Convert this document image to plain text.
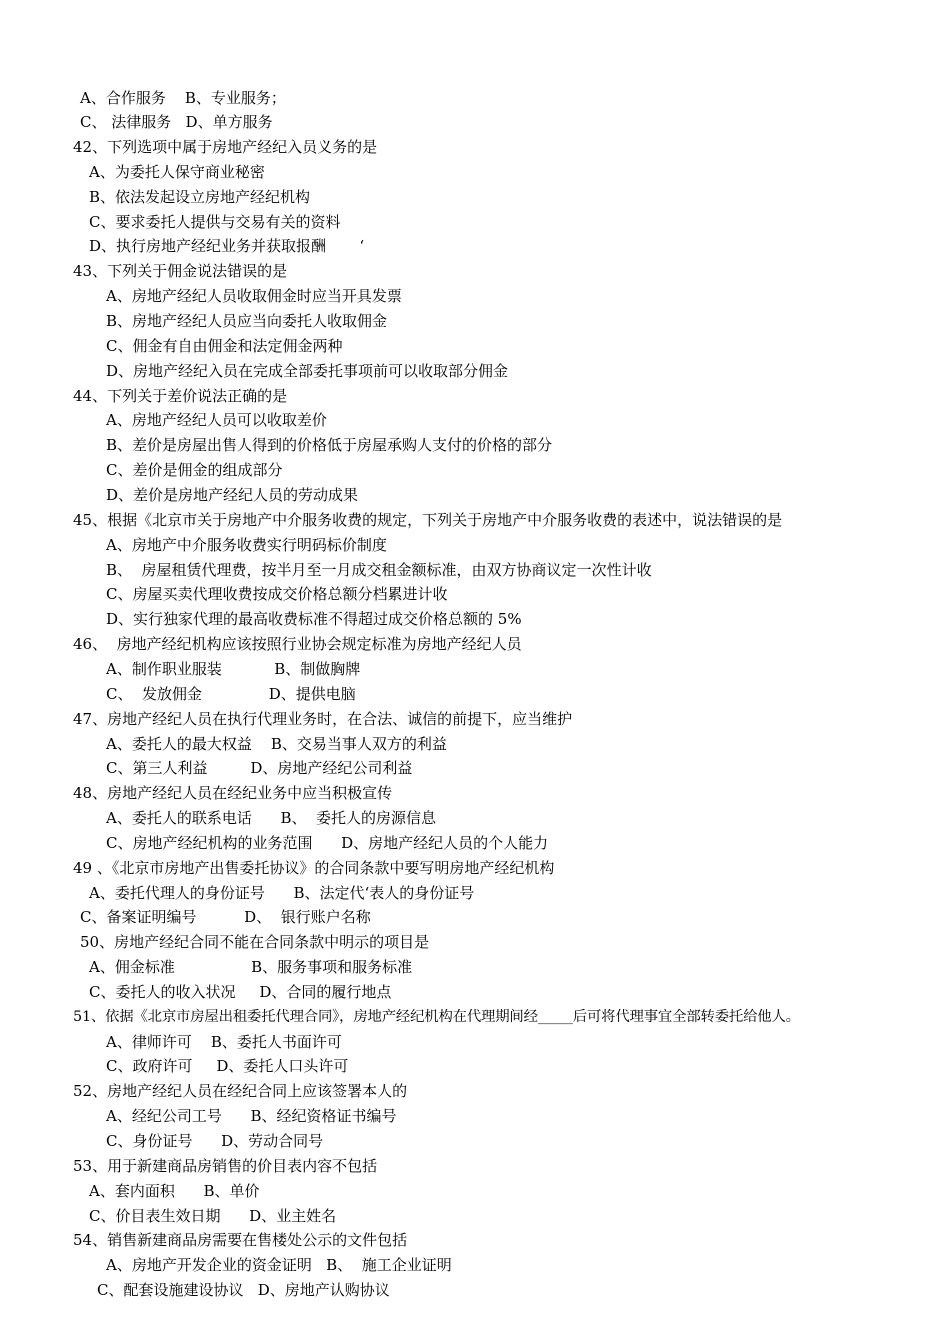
A、合作服务    B、专业服务；
C、 法律服务   D、单方服务
42、下列选项中属于房地产经纪入员义务的是
A、为委托人保守商业秘密
B、依法发起设立房地产经纪机构
C、要求委托人提供与交易有关的资料
D、执行房地产经纪业务并获取报酬       ‘
43、下列关于佣金说法错误的是
A、房地产经纪人员收取佣金时应当开具发票
B、房地产经纪人员应当向委托人收取佣金
C、佣金有自由佣金和法定佣金两种
D、房地产经纪入员在完成全部委托事项前可以收取部分佣金
44、下列关于差价说法正确的是
A、房地产经纪人员可以收取差价
B、差价是房屋出售人得到的价格低于房屋承购人支付的价格的部分
C、差价是佣金的组成部分
D、差价是房地产经纪人员的劳动成果
45、根据《北京市关于房地产中介服务收费的规定，下列关于房地产中介服务收费的表述中，说法错误的是
A、房地产中介服务收费实行明码标价制度
B、  房屋租赁代理费，按半月至一月成交租金额标准，由双方协商议定一次性计收
C、房屋买卖代理收费按成交价格总额分档累进计收
D、实行独家代理的最高收费标准不得超过成交价格总额的 5%
46、  房地产经纪机构应该按照行业协会规定标准为房地产经纪人员
A、制作职业服装           B、制做胸牌
C、  发放佣金              D、提供电脑
47、房地产经纪人员在执行代理业务时，在合法、诚信的前提下，应当维护
A、委托人的最大权益    B、交易当事人双方的利益
C、第三人利益         D、房地产经纪公司利益
48、房地产经纪人员在经纪业务中应当积极宣传
A、委托人的联系电话      B、  委托人的房源信息
C、房地产经纪机构的业务范围      D、房地产经纪人员的个人能力
49 、《北京市房地产出售委托协议》的合同条款中要写明房地产经纪机构
A、委托代理人的身份证号      B、法定代‘表人的身份证号
C、备案证明编号          D、  银行账户名称
50、房地产经纪合同不能在合同条款中明示的项目是
A、佣金标准                B、服务事项和服务标准
C、委托人的收入状况     D、合同的履行地点
51、依据《北京市房屋出租委托代理合同》，房地产经纪机构在代理期间经_____后可将代理事宜全部转委托给他人。
A、律师许可    B、委托人书面许可
C、政府许可     D、委托人口头许可
52、房地产经纪人员在经纪合同上应该签署本人的
A、经纪公司工号      B、经纪资格证书编号
C、身份证号      D、劳动合同号
53、用于新建商品房销售的价目表内容不包括
A、套内面积      B、单价
C、价目表生效日期      D、业主姓名
54、销售新建商品房需要在售楼处公示的文件包括
A、房地产开发企业的资金证明   B、  施工企业证明
C、配套设施建设协议   D、房地产认购协议
